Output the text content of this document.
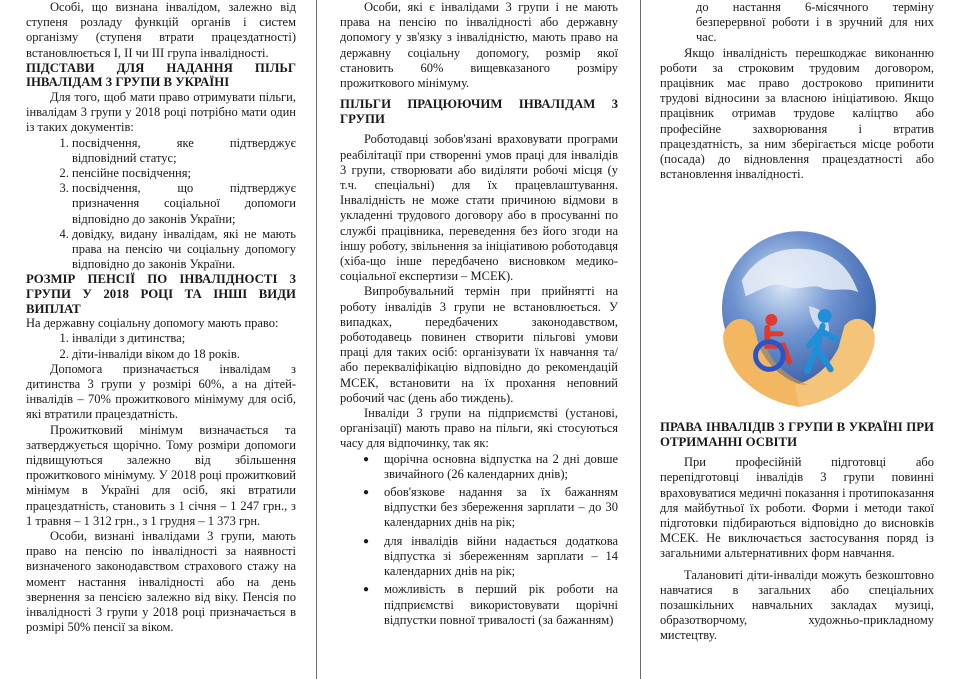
Особі, що визнана інвалідом, залежно від ступеня розладу функцій органів і систем організму (ступеня втрати працездатності) встановлюється I, II чи III група інвалідності.

ПІДСТАВИ ДЛЯ НАДАННЯ ПІЛЬГ ІНВАЛІДАМ 3 ГРУПИ В УКРАЇНІ

Для того, щоб мати право отримувати пільги, інвалідам 3 групи у 2018 році потрібно мати один із таких документів:

1. посвідчення, яке підтверджує відповідний статус;
2. пенсійне посвідчення;
3. посвідчення, що підтверджує призначення соціальної допомоги відповідно до законів України;
4. довідку, видану інвалідам, які не мають права на пенсію чи соціальну допомогу відповідно до законів України.
РОЗМІР ПЕНСІЇ ПО ІНВАЛІДНОСТІ 3 ГРУПИ У 2018 РОЦІ ТА ІНШІ ВИДИ ВИПЛАТ

На державну соціальну допомогу мають право:

1. інваліди з дитинства;
2. діти-інваліди віком до 18 років.

Допомога призначається інвалідам з дитинства 3 групи у розмірі 60%, а на дітей-інвалідів – 70% прожиткового мінімуму для осіб, які втратили працездатність.

Прожитковий мінімум визначається та затверджується щорічно. Тому розміри допомоги підвищуються залежно від збільшення прожиткового мінімуму. У 2018 році прожитковий мінімум в Україні для осіб, які втратили працездатність, становить з 1 січня – 1 247 грн., з 1 травня – 1 312 грн., з 1 грудня – 1 373 грн.

Особи, визнані інвалідами 3 групи, мають право на пенсію по інвалідності за наявності визначеного законодавством страхового стажу на момент настання інвалідності або на день звернення за пенсією залежно від віку. Пенсія по інвалідності 3 групи у 2018 році призначається в розмірі 50% пенсії за віком.

Особи, які є інвалідами 3 групи і не мають права на пенсію по інвалідності або державну допомогу у зв'язку з інвалідністю, мають право на державну соціальну допомогу, розмір якої становить 60% вищевказаного розміру прожиткового мінімуму.

ПІЛЬГИ ПРАЦЮЮЧИМ ІНВАЛІДАМ 3 ГРУПИ

Роботодавці зобов'язані враховувати програми реабілітації при створенні умов праці для інвалідів 3 групи, створювати або виділяти робочі місця (у т.ч. спеціальні) для їх працевлаштування. Інвалідність не може стати причиною відмови в укладенні трудового договору або в просуванні по службі працівника, переведення без його згоди на іншу роботу, звільнення за ініціативою роботодавця (хіба-що інше передбачено висновком медико-соціальної експертизи – МСЕК).

Випробувальний термін при прийнятті на роботу інвалідів 3 групи не встановлюється. У випадках, передбачених законодавством, роботодавець повинен створити пільгові умови праці для таких осіб: організувати їх навчання та/або перекваліфікацію відповідно до рекомендацій МСЕК, встановити на їх прохання неповний робочий час (день або тиждень).

Інваліди 3 групи на підприємстві (установі, організації) мають право на пільги, які стосуються часу для відпочинку, так як:

● щорічна основна відпустка на 2 дні довше звичайного (26 календарних днів);
● обов'язкове надання за їх бажанням відпустки без збереження зарплати – до 30 календарних днів на рік;
● для інвалідів війни надається додаткова відпустка зі збереженням зарплати – 14 календарних днів на рік;
● можливість в перший рік роботи на підприємстві використовувати щорічні відпустки повної тривалості (за бажанням)

до настання 6-місячного терміну безперервної роботи і в зручний для них час.

Якщо інвалідність перешкоджає виконанню роботи за строковим трудовим договором, працівник має право достроково припинити трудові відносини за власною ініціативою. Якщо працівник отримав трудове каліцтво або професійне захворювання і втратив працездатність, за ним зберігається місце роботи (посада) до відновлення працездатності або встановлення інвалідності.

ПРАВА ІНВАЛІДІВ 3 ГРУПИ В УКРАЇНІ ПРИ ОТРИМАННІ ОСВІТИ

При професійній підготовці або перепідготовці інвалідів 3 групи повинні враховуватися медичні показання і протипоказання для майбутньої їх роботи. Форми і методи такої підготовки підбираються відповідно до висновків МСЕК. Не виключається застосування поряд із загальними альтернативних форм навчання.

Талановиті діти-інваліди можуть безкоштовно навчатися в загальних або спеціальних позашкільних навчальних закладах музиці, образотворчому, художньо-прикладному мистецтву.
